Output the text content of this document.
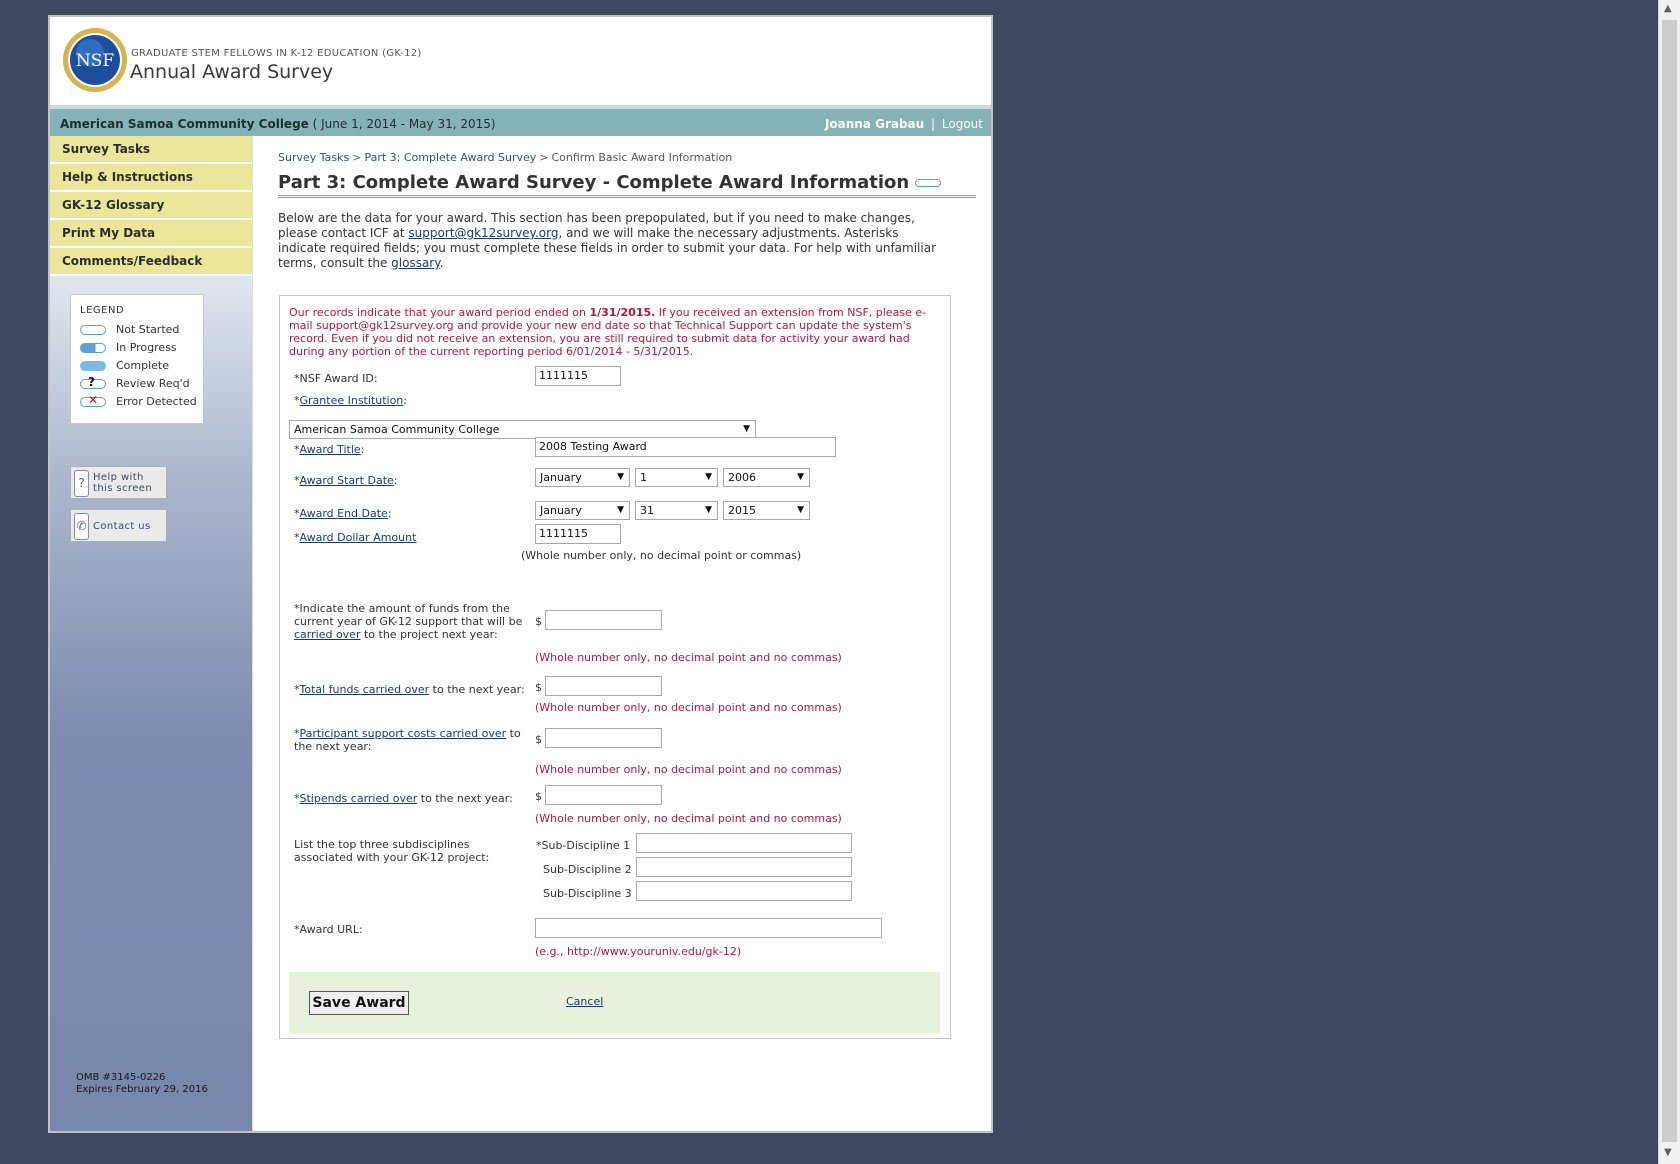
▲
▼
NSF GRADUATE STEM FELLOWS IN K-12 EDUCATION (GK-12)
Annual Award Survey
American Samoa Community College ( June 1, 2014 - May 31, 2015)	Joanna Grabau | Logout
Survey Tasks
Help & Instructions
GK-12 Glossary
Print My Data
Comments/Feedback
LEGEND
Not Started
In Progress
Complete
? Review Req'd
✕ Error Detected
? Help with
this screen
✆ Contact us
OMB #3145-0226
Expires February 29, 2016
Survey Tasks > Part 3: Complete Award Survey > Confirm Basic Award Information
Part 3: Complete Award Survey - Complete Award Information
Below are the data for your award. This section has been prepopulated, but if you need to make changes, please contact ICF at support@gk12survey.org, and we will make the necessary adjustments. Asterisks indicate required fields; you must complete these fields in order to submit your data. For help with unfamiliar terms, consult the glossary.
Our records indicate that your award period ended on 1/31/2015. If you received an extension from NSF, please e-mail support@gk12survey.org and provide your new end date so that Technical Support can update the system's record. Even if you did not receive an extension, you are still required to submit data for activity your award had during any portion of the current reporting period 6/01/2014 - 5/31/2015.
*NSF Award ID:	1111115
*Grantee Institution:
American Samoa Community College	▼
*Award Title:	2008 Testing Award
*Award Start Date:	January	▼	1	▼	2006	▼
*Award End Date:	January	▼	31	▼	2015	▼
*Award Dollar Amount	1111115
(Whole number only, no decimal point or commas)
*Indicate the amount of funds from the current year of GK-12 support that will be carried over to the project next year:
$
(Whole number only, no decimal point and no commas)
*Total funds carried over to the next year: $
(Whole number only, no decimal point and no commas)
*Participant support costs carried over to the next year:
$
(Whole number only, no decimal point and no commas)
*Stipends carried over to the next year: $
(Whole number only, no decimal point and no commas)
List the top three subdisciplines associated with your GK-12 project:
*Sub-Discipline 1
Sub-Discipline 2
Sub-Discipline 3
*Award URL:
(e.g., http://www.youruniv.edu/gk-12)
Save Award	Cancel
